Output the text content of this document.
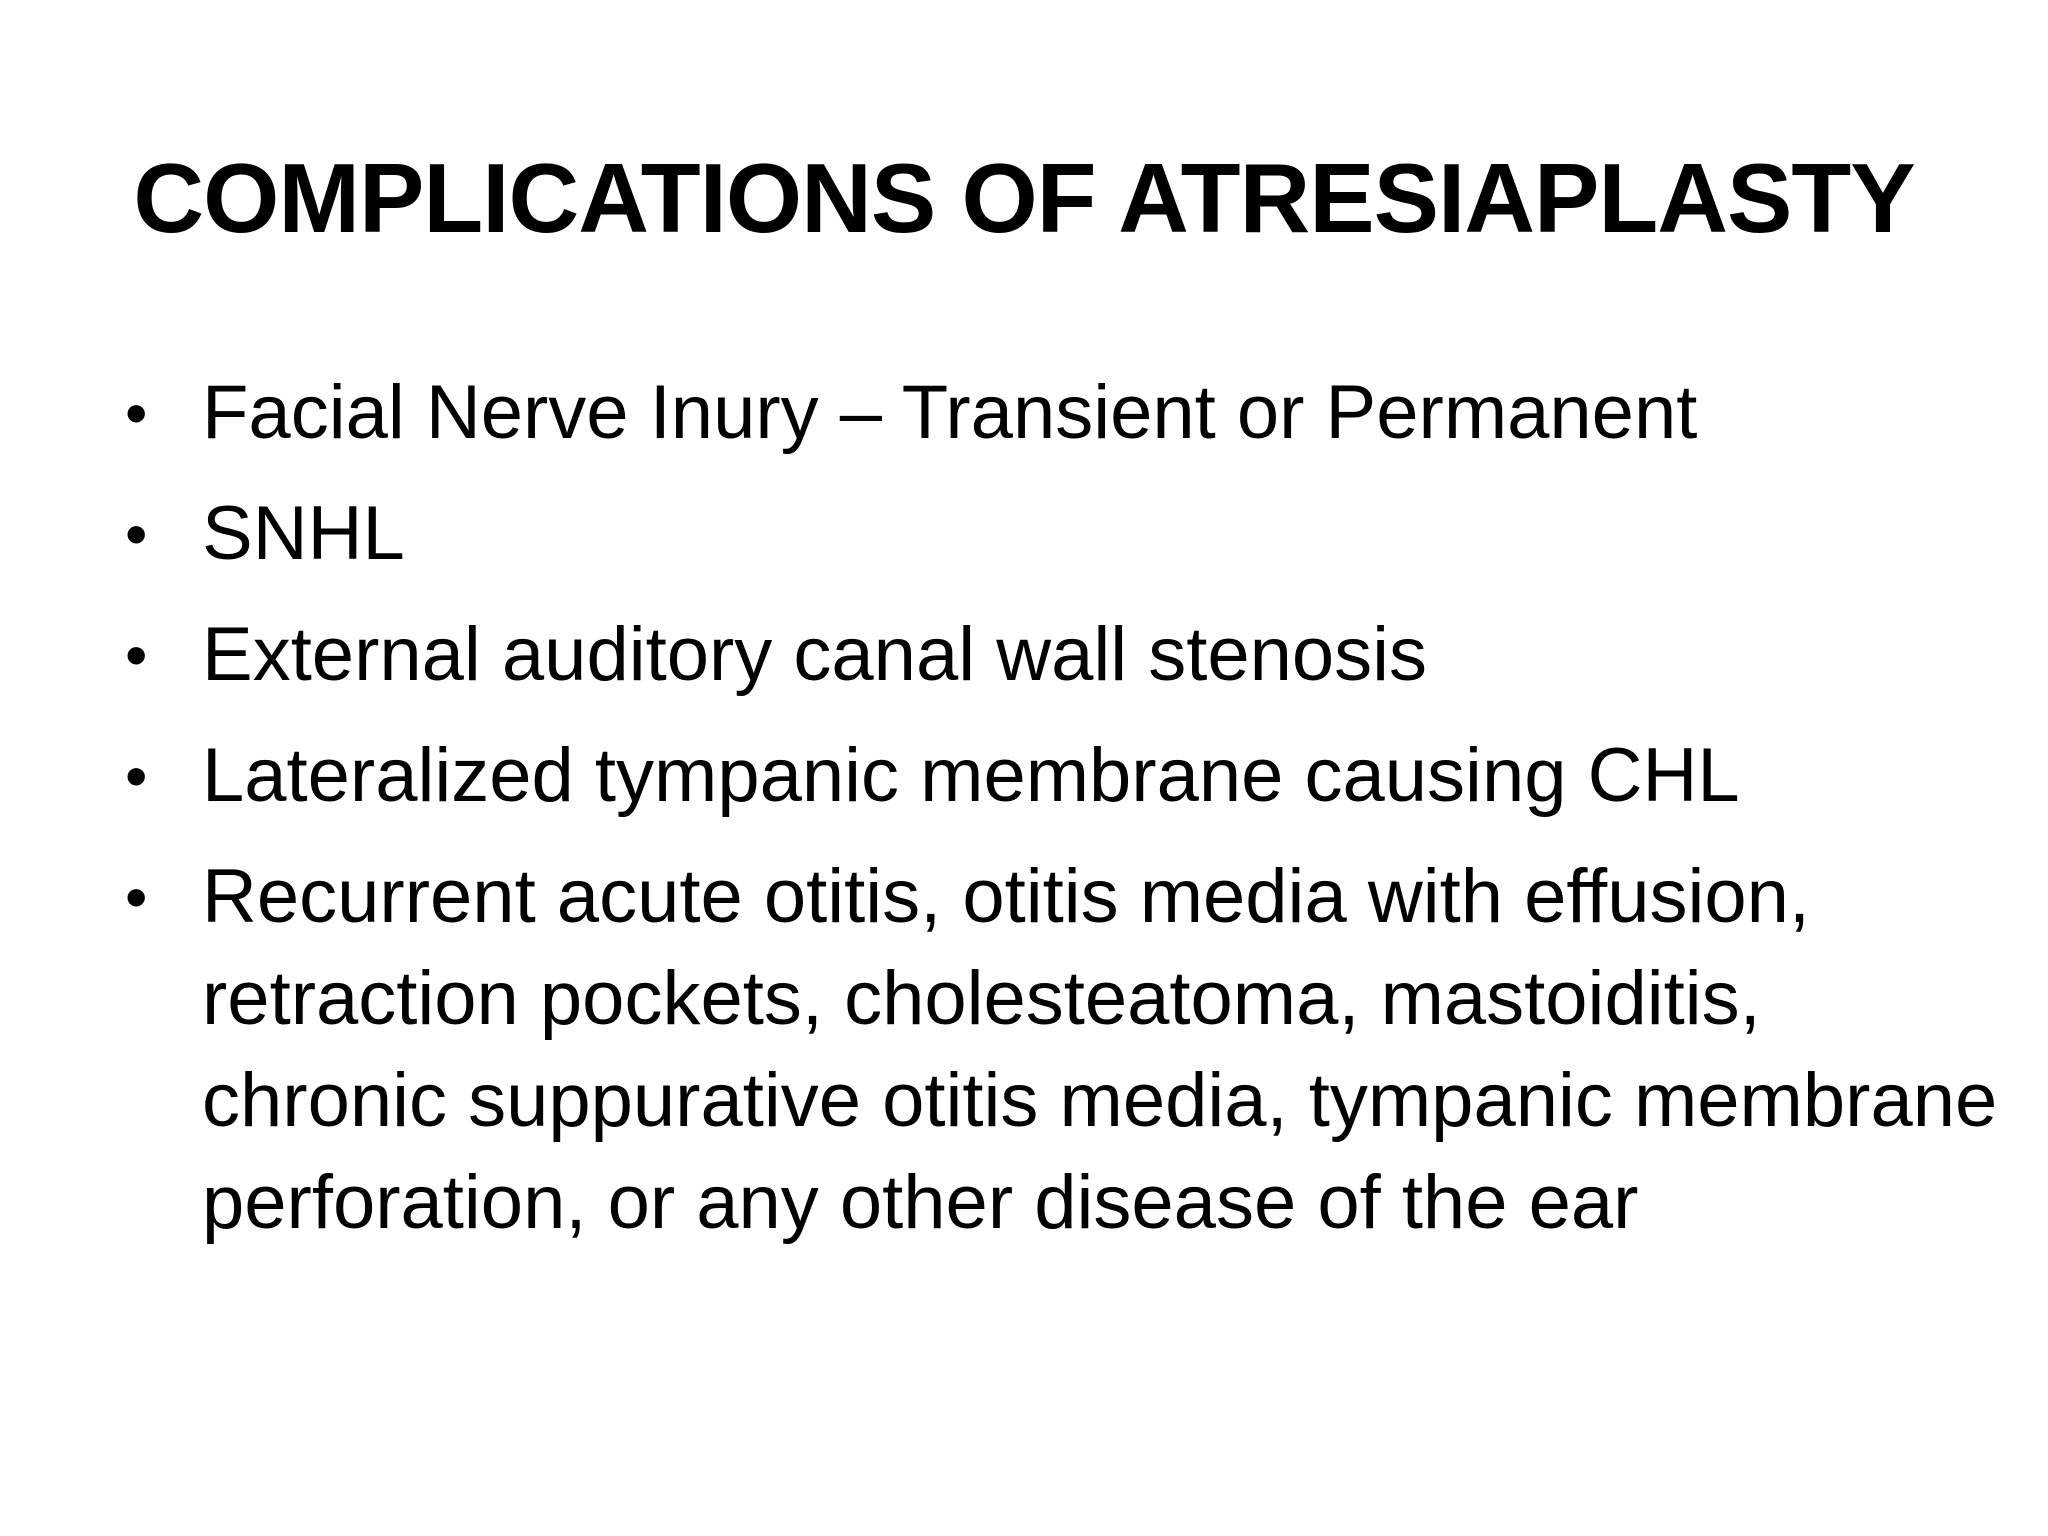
COMPLICATIONS OF ATRESIAPLASTY
• Facial Nerve Inury – Transient or Permanent
• SNHL
• External auditory canal wall stenosis
• Lateralized tympanic membrane causing CHL
• Recurrent acute otitis, otitis media with effusion, retraction pockets, cholesteatoma, mastoiditis, chronic suppurative otitis media, tympanic membrane perforation, or any other disease of the ear
